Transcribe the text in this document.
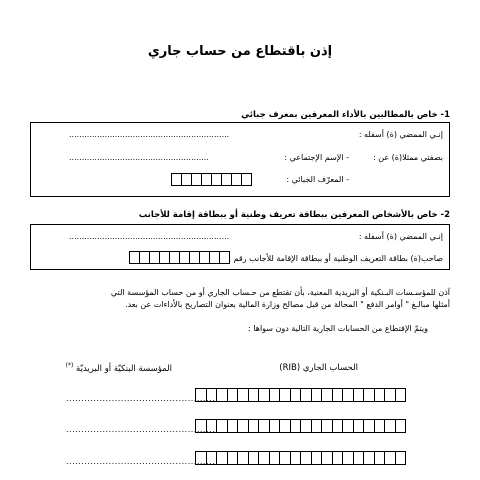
إذن باقتطاع من حساب جاري
1- خاص بالمطالبين بالأداء المعرفين بمعرف جبائي
إنـي الممضي (ة) أسفله :
...............................................................
بصفتي ممثلا(ة) عن :
- الإسم الإجتماعي :
.......................................................
- المعرّف الجبائي :
2- خاص بالأشخاص المعرفين ببطاقة تعريف وطنية أو ببطاقة إقامة للأجانب
إنـي الممضي (ة) أسفله :
...............................................................
صاحب(ة) بطاقة التعريف الوطنية أو ببطاقة الإقامة للأجانب رقم :
آذن للمؤسـسات البـنكية أو البريدية المعنية، بأن تقتطع من حـساب الجاري أو من حساب المؤسسة التي
أمثلها مبالـغ " أوامر الدفع " المحالة من قبل مصالح وزارة المالية بعنوان التصاريح بالأداءات عن بعد.
ويتمّ الإقتطاع من الحسابات الجارية التالية دون سواها :
الحساب الجاري (RIB)
المؤسسة البنكيّة أو البريديّة (*)
..................................................
..................................................
..................................................
